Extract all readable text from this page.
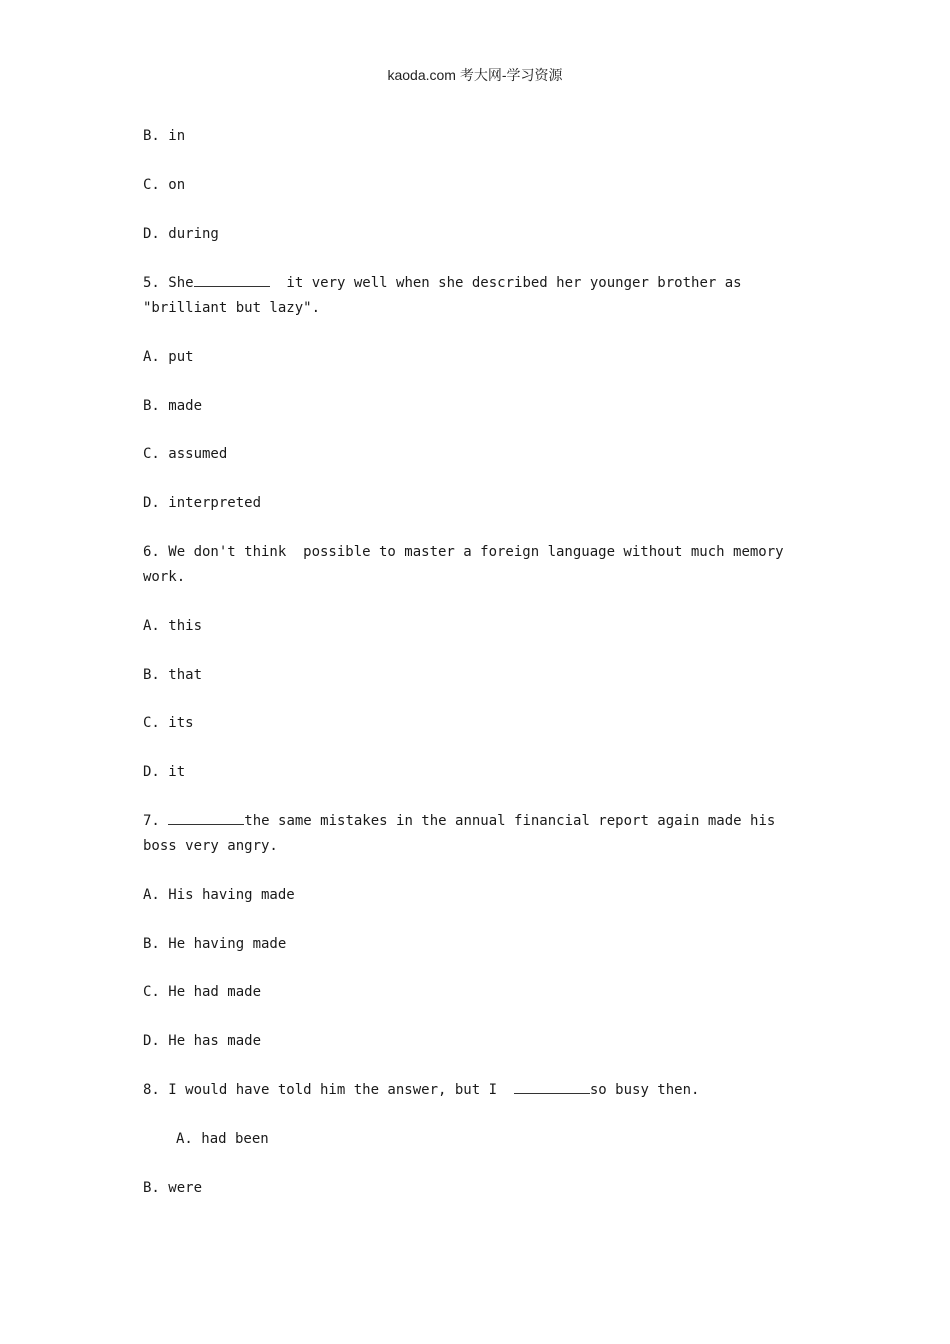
kaoda.com 考大网-学习资源
B. in
C. on
D. during
5. She	it very well when she described her younger brother as
"brilliant but lazy".
A. put
B. made
C. assumed
D. interpreted
6. We don't think  possible to master a foreign language without much memory
work.
A. this
B. that
C. its
D. it
7.	the same mistakes in the annual financial report again made his
boss very angry.
A. His having made
B. He having made
C. He had made
D. He has made
8. I would have told him the answer, but I	so busy then.
A. had been
B. were
